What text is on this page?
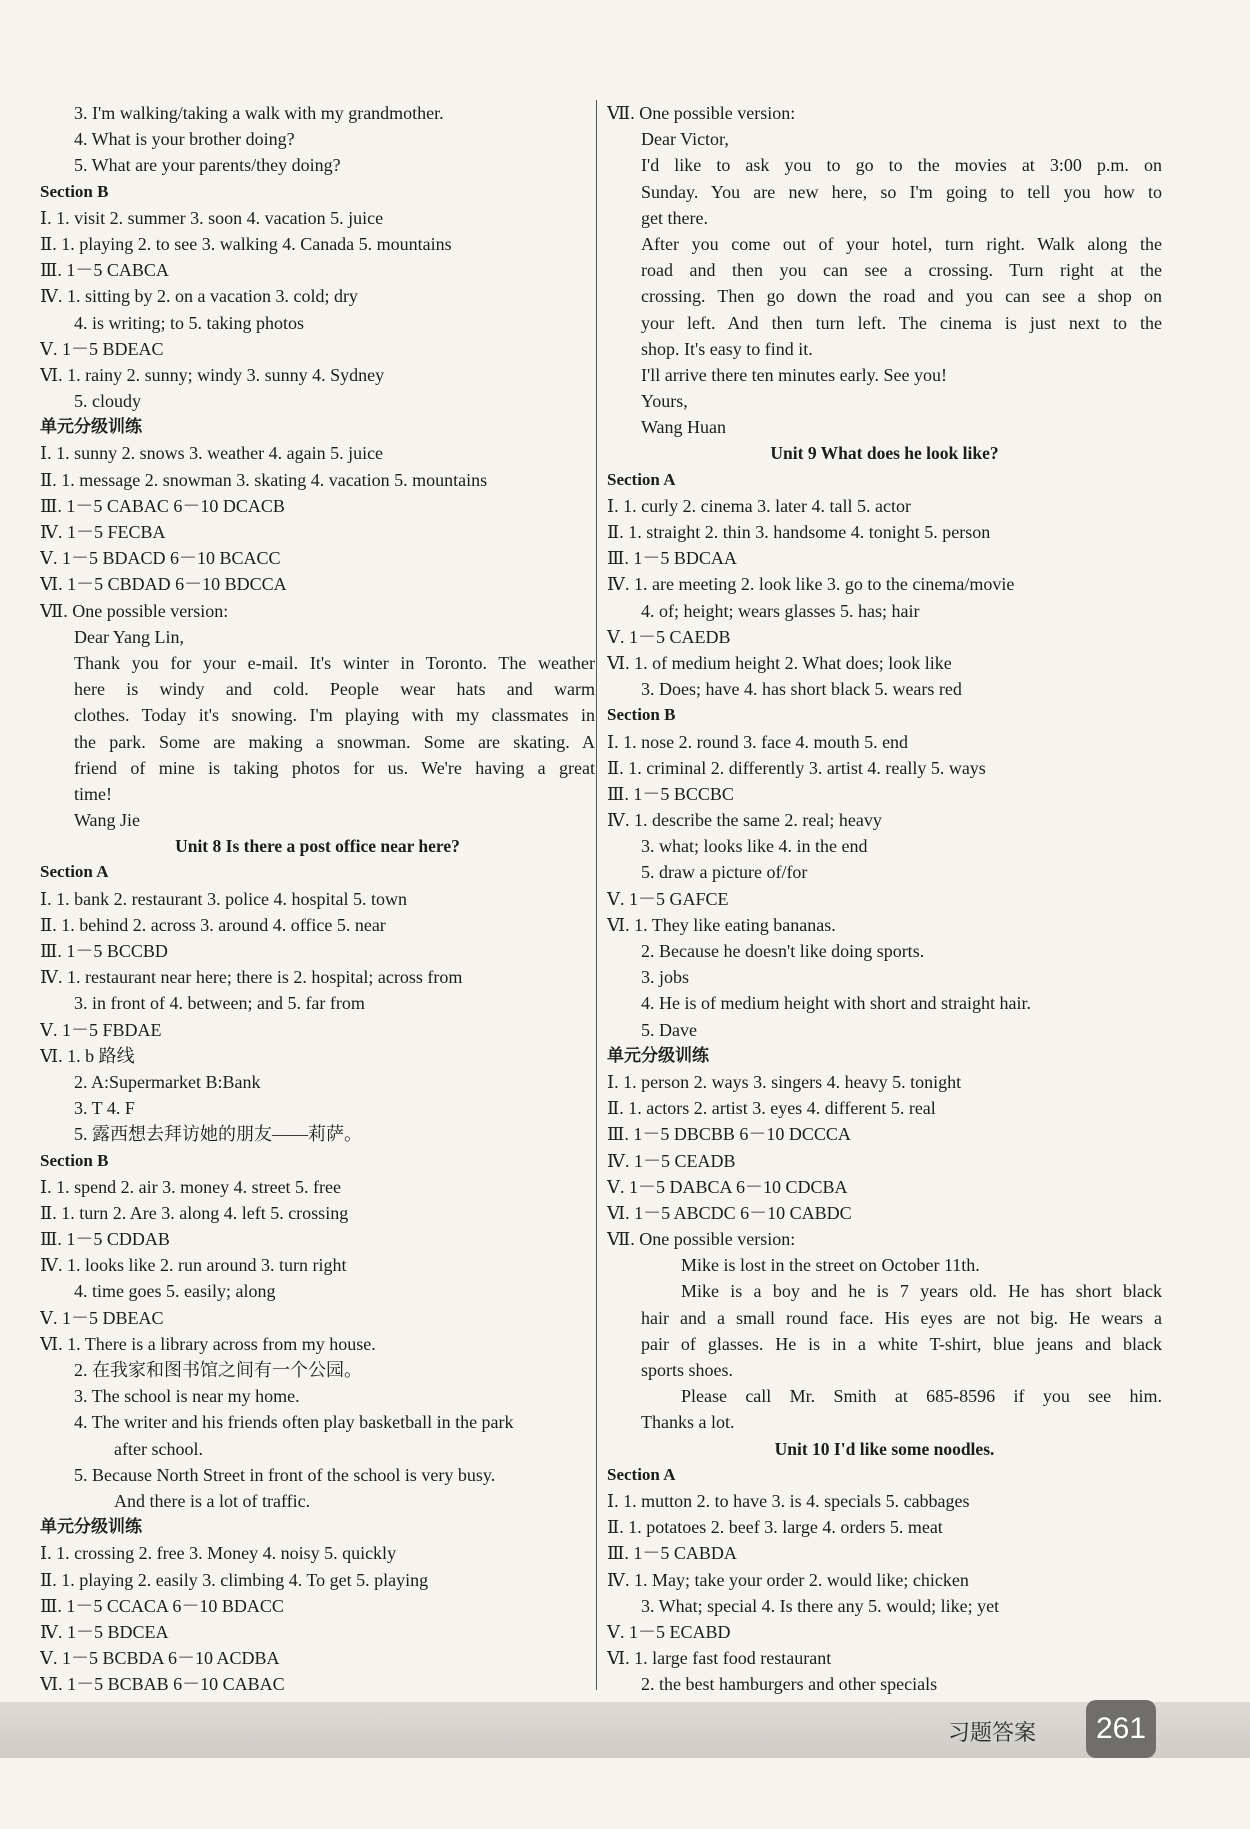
3. I'm walking/taking a walk with my grandmother.
4. What is your brother doing?
5. What are your parents/they doing?
Section B
Ⅰ. 1. visit 2. summer 3. soon 4. vacation 5. juice
Ⅱ. 1. playing 2. to see 3. walking 4. Canada 5. mountains
Ⅲ. 1－5 CABCA
Ⅳ. 1. sitting by 2. on a vacation 3. cold; dry
4. is writing; to 5. taking photos
Ⅴ. 1－5 BDEAC
Ⅵ. 1. rainy 2. sunny; windy 3. sunny 4. Sydney
5. cloudy
单元分级训练
Ⅰ. 1. sunny 2. snows 3. weather 4. again 5. juice
Ⅱ. 1. message 2. snowman 3. skating 4. vacation 5. mountains
Ⅲ. 1－5 CABAC 6－10 DCACB
Ⅳ. 1－5 FECBA
Ⅴ. 1－5 BDACD 6－10 BCACC
Ⅵ. 1－5 CBDAD 6－10 BDCCA
Ⅶ. One possible version:
Dear Yang Lin,
Thank you for your e-mail. It's winter in Toronto. The weather
here is windy and cold. People wear hats and warm
clothes. Today it's snowing. I'm playing with my classmates in
the park. Some are making a snowman. Some are skating. A
friend of mine is taking photos for us. We're having a great
time!
Wang Jie
Unit 8 Is there a post office near here?
Section A
Ⅰ. 1. bank 2. restaurant 3. police 4. hospital 5. town
Ⅱ. 1. behind 2. across 3. around 4. office 5. near
Ⅲ. 1－5 BCCBD
Ⅳ. 1. restaurant near here; there is 2. hospital; across from
3. in front of 4. between; and 5. far from
Ⅴ. 1－5 FBDAE
Ⅵ. 1. b 路线
2. A:Supermarket B:Bank
3. T 4. F
5. 露西想去拜访她的朋友——莉萨。
Section B
Ⅰ. 1. spend 2. air 3. money 4. street 5. free
Ⅱ. 1. turn 2. Are 3. along 4. left 5. crossing
Ⅲ. 1－5 CDDAB
Ⅳ. 1. looks like 2. run around 3. turn right
4. time goes 5. easily; along
Ⅴ. 1－5 DBEAC
Ⅵ. 1. There is a library across from my house.
2. 在我家和图书馆之间有一个公园。
3. The school is near my home.
4. The writer and his friends often play basketball in the park
after school.
5. Because North Street in front of the school is very busy.
And there is a lot of traffic.
单元分级训练
Ⅰ. 1. crossing 2. free 3. Money 4. noisy 5. quickly
Ⅱ. 1. playing 2. easily 3. climbing 4. To get 5. playing
Ⅲ. 1－5 CCACA 6－10 BDACC
Ⅳ. 1－5 BDCEA
Ⅴ. 1－5 BCBDA 6－10 ACDBA
Ⅵ. 1－5 BCBAB 6－10 CABAC
Ⅶ. One possible version:
Dear Victor,
I'd like to ask you to go to the movies at 3:00 p.m. on
Sunday. You are new here, so I'm going to tell you how to
get there.
After you come out of your hotel, turn right. Walk along the
road and then you can see a crossing. Turn right at the
crossing. Then go down the road and you can see a shop on
your left. And then turn left. The cinema is just next to the
shop. It's easy to find it.
I'll arrive there ten minutes early. See you!
Yours,
Wang Huan
Unit 9 What does he look like?
Section A
Ⅰ. 1. curly 2. cinema 3. later 4. tall 5. actor
Ⅱ. 1. straight 2. thin 3. handsome 4. tonight 5. person
Ⅲ. 1－5 BDCAA
Ⅳ. 1. are meeting 2. look like 3. go to the cinema/movie
4. of; height; wears glasses 5. has; hair
Ⅴ. 1－5 CAEDB
Ⅵ. 1. of medium height 2. What does; look like
3. Does; have 4. has short black 5. wears red
Section B
Ⅰ. 1. nose 2. round 3. face 4. mouth 5. end
Ⅱ. 1. criminal 2. differently 3. artist 4. really 5. ways
Ⅲ. 1－5 BCCBC
Ⅳ. 1. describe the same 2. real; heavy
3. what; looks like 4. in the end
5. draw a picture of/for
Ⅴ. 1－5 GAFCE
Ⅵ. 1. They like eating bananas.
2. Because he doesn't like doing sports.
3. jobs
4. He is of medium height with short and straight hair.
5. Dave
单元分级训练
Ⅰ. 1. person 2. ways 3. singers 4. heavy 5. tonight
Ⅱ. 1. actors 2. artist 3. eyes 4. different 5. real
Ⅲ. 1－5 DBCBB 6－10 DCCCA
Ⅳ. 1－5 CEADB
Ⅴ. 1－5 DABCA 6－10 CDCBA
Ⅵ. 1－5 ABCDC 6－10 CABDC
Ⅶ. One possible version:
Mike is lost in the street on October 11th.
Mike is a boy and he is 7 years old. He has short black
hair and a small round face. His eyes are not big. He wears a
pair of glasses. He is in a white T-shirt, blue jeans and black
sports shoes.
Please call Mr. Smith at 685-8596 if you see him.
Thanks a lot.
Unit 10 I'd like some noodles.
Section A
Ⅰ. 1. mutton 2. to have 3. is 4. specials 5. cabbages
Ⅱ. 1. potatoes 2. beef 3. large 4. orders 5. meat
Ⅲ. 1－5 CABDA
Ⅳ. 1. May; take your order 2. would like; chicken
3. What; special 4. Is there any 5. would; like; yet
Ⅴ. 1－5 ECABD
Ⅵ. 1. large fast food restaurant
2. the best hamburgers and other specials
习题答案	261
